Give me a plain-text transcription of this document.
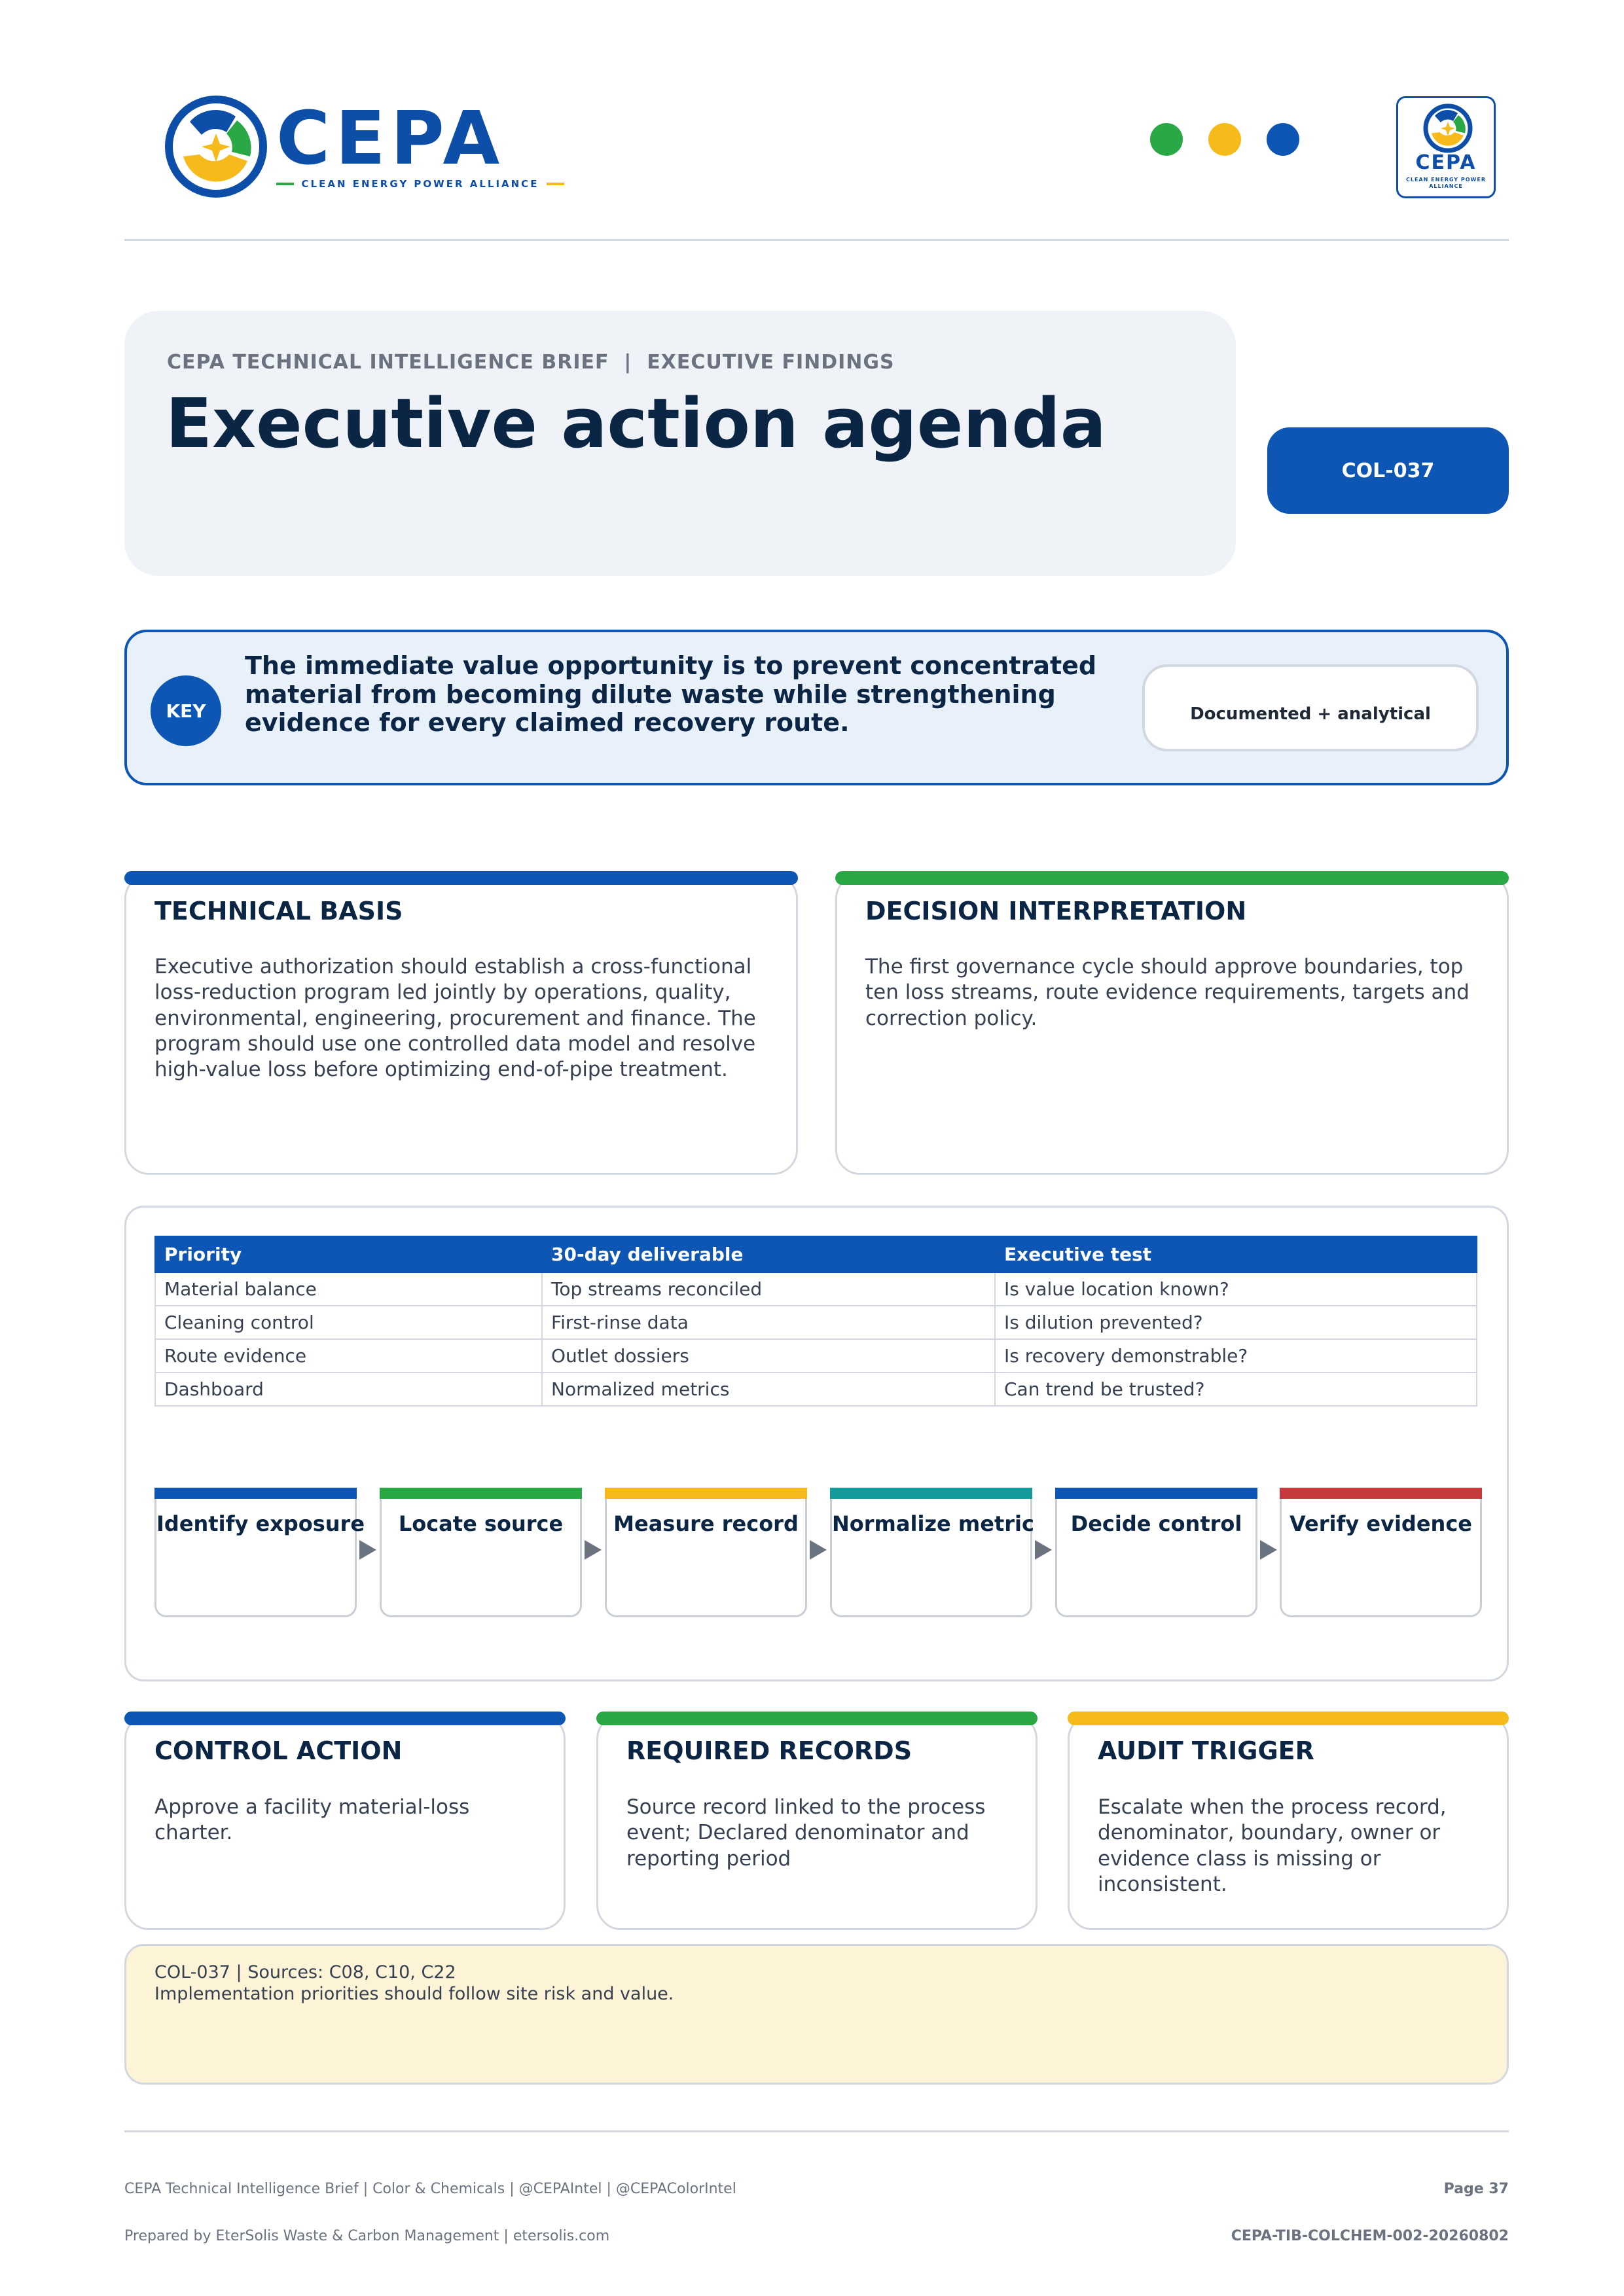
CEPA
CLEAN ENERGY POWER ALLIANCE
CEPA
CLEAN ENERGY POWER ALLIANCE
CEPA TECHNICAL INTELLIGENCE BRIEF  |  EXECUTIVE FINDINGS
Executive action agenda
COL-037
KEY
The immediate value opportunity is to prevent concentrated material from becoming dilute waste while strengthening evidence for every claimed recovery route.	Documented + analytical
TECHNICAL BASIS
Executive authorization should establish a cross-functional loss-reduction program led jointly by operations, quality, environmental, engineering, procurement and finance. The program should use one controlled data model and resolve high-value loss before optimizing end-of-pipe treatment.
DECISION INTERPRETATION
The first governance cycle should approve boundaries, top ten loss streams, route evidence requirements, targets and correction policy.
Priority	30-day deliverable	Executive test
Material balance	Top streams reconciled	Is value location known?
Cleaning control	First-rinse data	Is dilution prevented?
Route evidence	Outlet dossiers	Is recovery demonstrable?
Dashboard	Normalized metrics	Can trend be trusted?
Identify exposure	Locate source	Measure record	Normalize metric	Decide control	Verify evidence
CONTROL ACTION
Approve a facility material-loss charter.
REQUIRED RECORDS
Source record linked to the process event; Declared denominator and reporting period
AUDIT TRIGGER
Escalate when the process record, denominator, boundary, owner or evidence class is missing or inconsistent.
COL-037 | Sources: C08, C10, C22
Implementation priorities should follow site risk and value.
CEPA Technical Intelligence Brief | Color & Chemicals | @CEPAIntel | @CEPAColorIntel
Prepared by EterSolis Waste & Carbon Management | etersolis.com
Page 37
CEPA-TIB-COLCHEM-002-20260802
